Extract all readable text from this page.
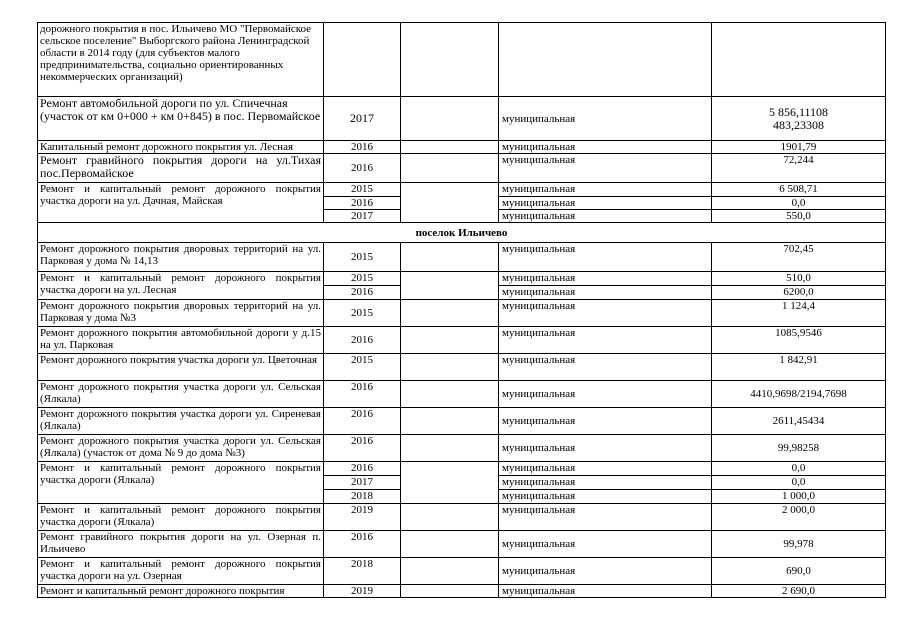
дорожного покрытия в пос. Ильичево МО "Первомайское сельское поселение" Выборгского района Ленинградской области в 2014 году (для субъектов малого предпринимательства, социально ориентированных некоммерческих организаций)				
Ремонт автомобильной дороги по ул. Спичечная (участок от км 0+000 + км 0+845) в пос. Первомайское	2017		муниципальная	5 856,11108
483,23308

Капитальный ремонт дорожного покрытия ул. Лесная	2016		муниципальная	1901,79
Ремонт гравийного покрытия дороги на ул.Тихая пос.Первомайское	2016		муниципальная	72,244
Ремонт и капитальный ремонт дорожного покрытия участка дороги на ул. Дачная, Майская	2015		муниципальная	6 508,71
	2016		муниципальная	0,0
	2017		муниципальная	550,0
поселок Ильичево				
Ремонт дорожного покрытия дворовых территорий на ул. Парковая у дома № 14,13	2015		муниципальная	702,45
Ремонт и капитальный ремонт дорожного покрытия участка дороги на ул. Лесная	2015		муниципальная	510,0
	2016		муниципальная	6200,0
Ремонт дорожного покрытия дворовых территорий на ул. Парковая у дома №3	2015		муниципальная	1 124,4
Ремонт дорожного покрытия автомобильной дороги у д.15 на ул. Парковая	2016		муниципальная	1085,9546
Ремонт дорожного покрытия участка дороги ул. Цветочная	2015		муниципальная	1 842,91
Ремонт дорожного покрытия участка дороги ул. Сельская (Ялкала)	2016		муниципальная	4410,9698/2194,7698
Ремонт дорожного покрытия участка дороги ул. Сиреневая (Ялкала)	2016		муниципальная	2611,45434
Ремонт дорожного покрытия участка дороги ул. Сельская (Ялкала) (участок от дома № 9 до дома №3)	2016		муниципальная	99,98258
Ремонт и капитальный ремонт дорожного покрытия участка дороги (Ялкала)	2016		муниципальная	0,0
	2017		муниципальная	0,0
	2018		муниципальная	1 000,0
Ремонт и капитальный ремонт дорожного покрытия участка дороги (Ялкала)	2019		муниципальная	2 000,0
Ремонт гравийного покрытия дороги на ул. Озерная п. Ильичево	2016		муниципальная	99,978
Ремонт и капитальный ремонт дорожного покрытия участка дороги на ул. Озерная	2018		муниципальная	690,0
Ремонт и капитальный ремонт дорожного покрытия	2019		муниципальная	2 690,0
